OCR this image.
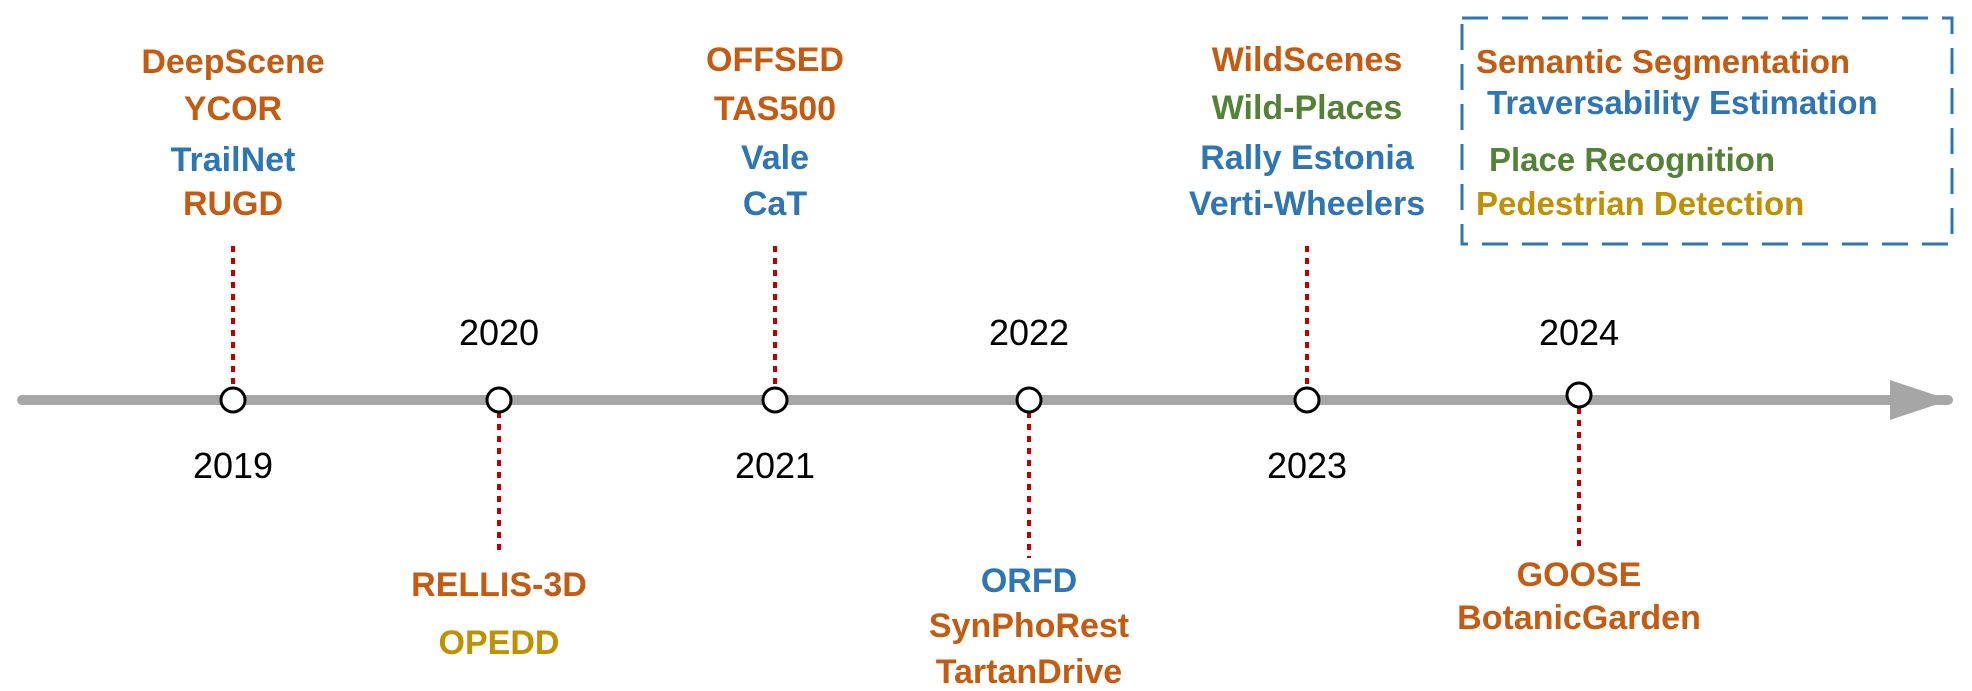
2019
DeepScene
YCOR
TrailNet
RUGD
2020
RELLIS-3D
OPEDD
2021
OFFSED
TAS500
Vale
CaT
2022
ORFD
SynPhoRest
TartanDrive
2023
WildScenes
Wild-Places
Rally Estonia
Verti-Wheelers
2024
GOOSE
BotanicGarden
Semantic Segmentation
Traversability Estimation
Place Recognition
Pedestrian Detection
